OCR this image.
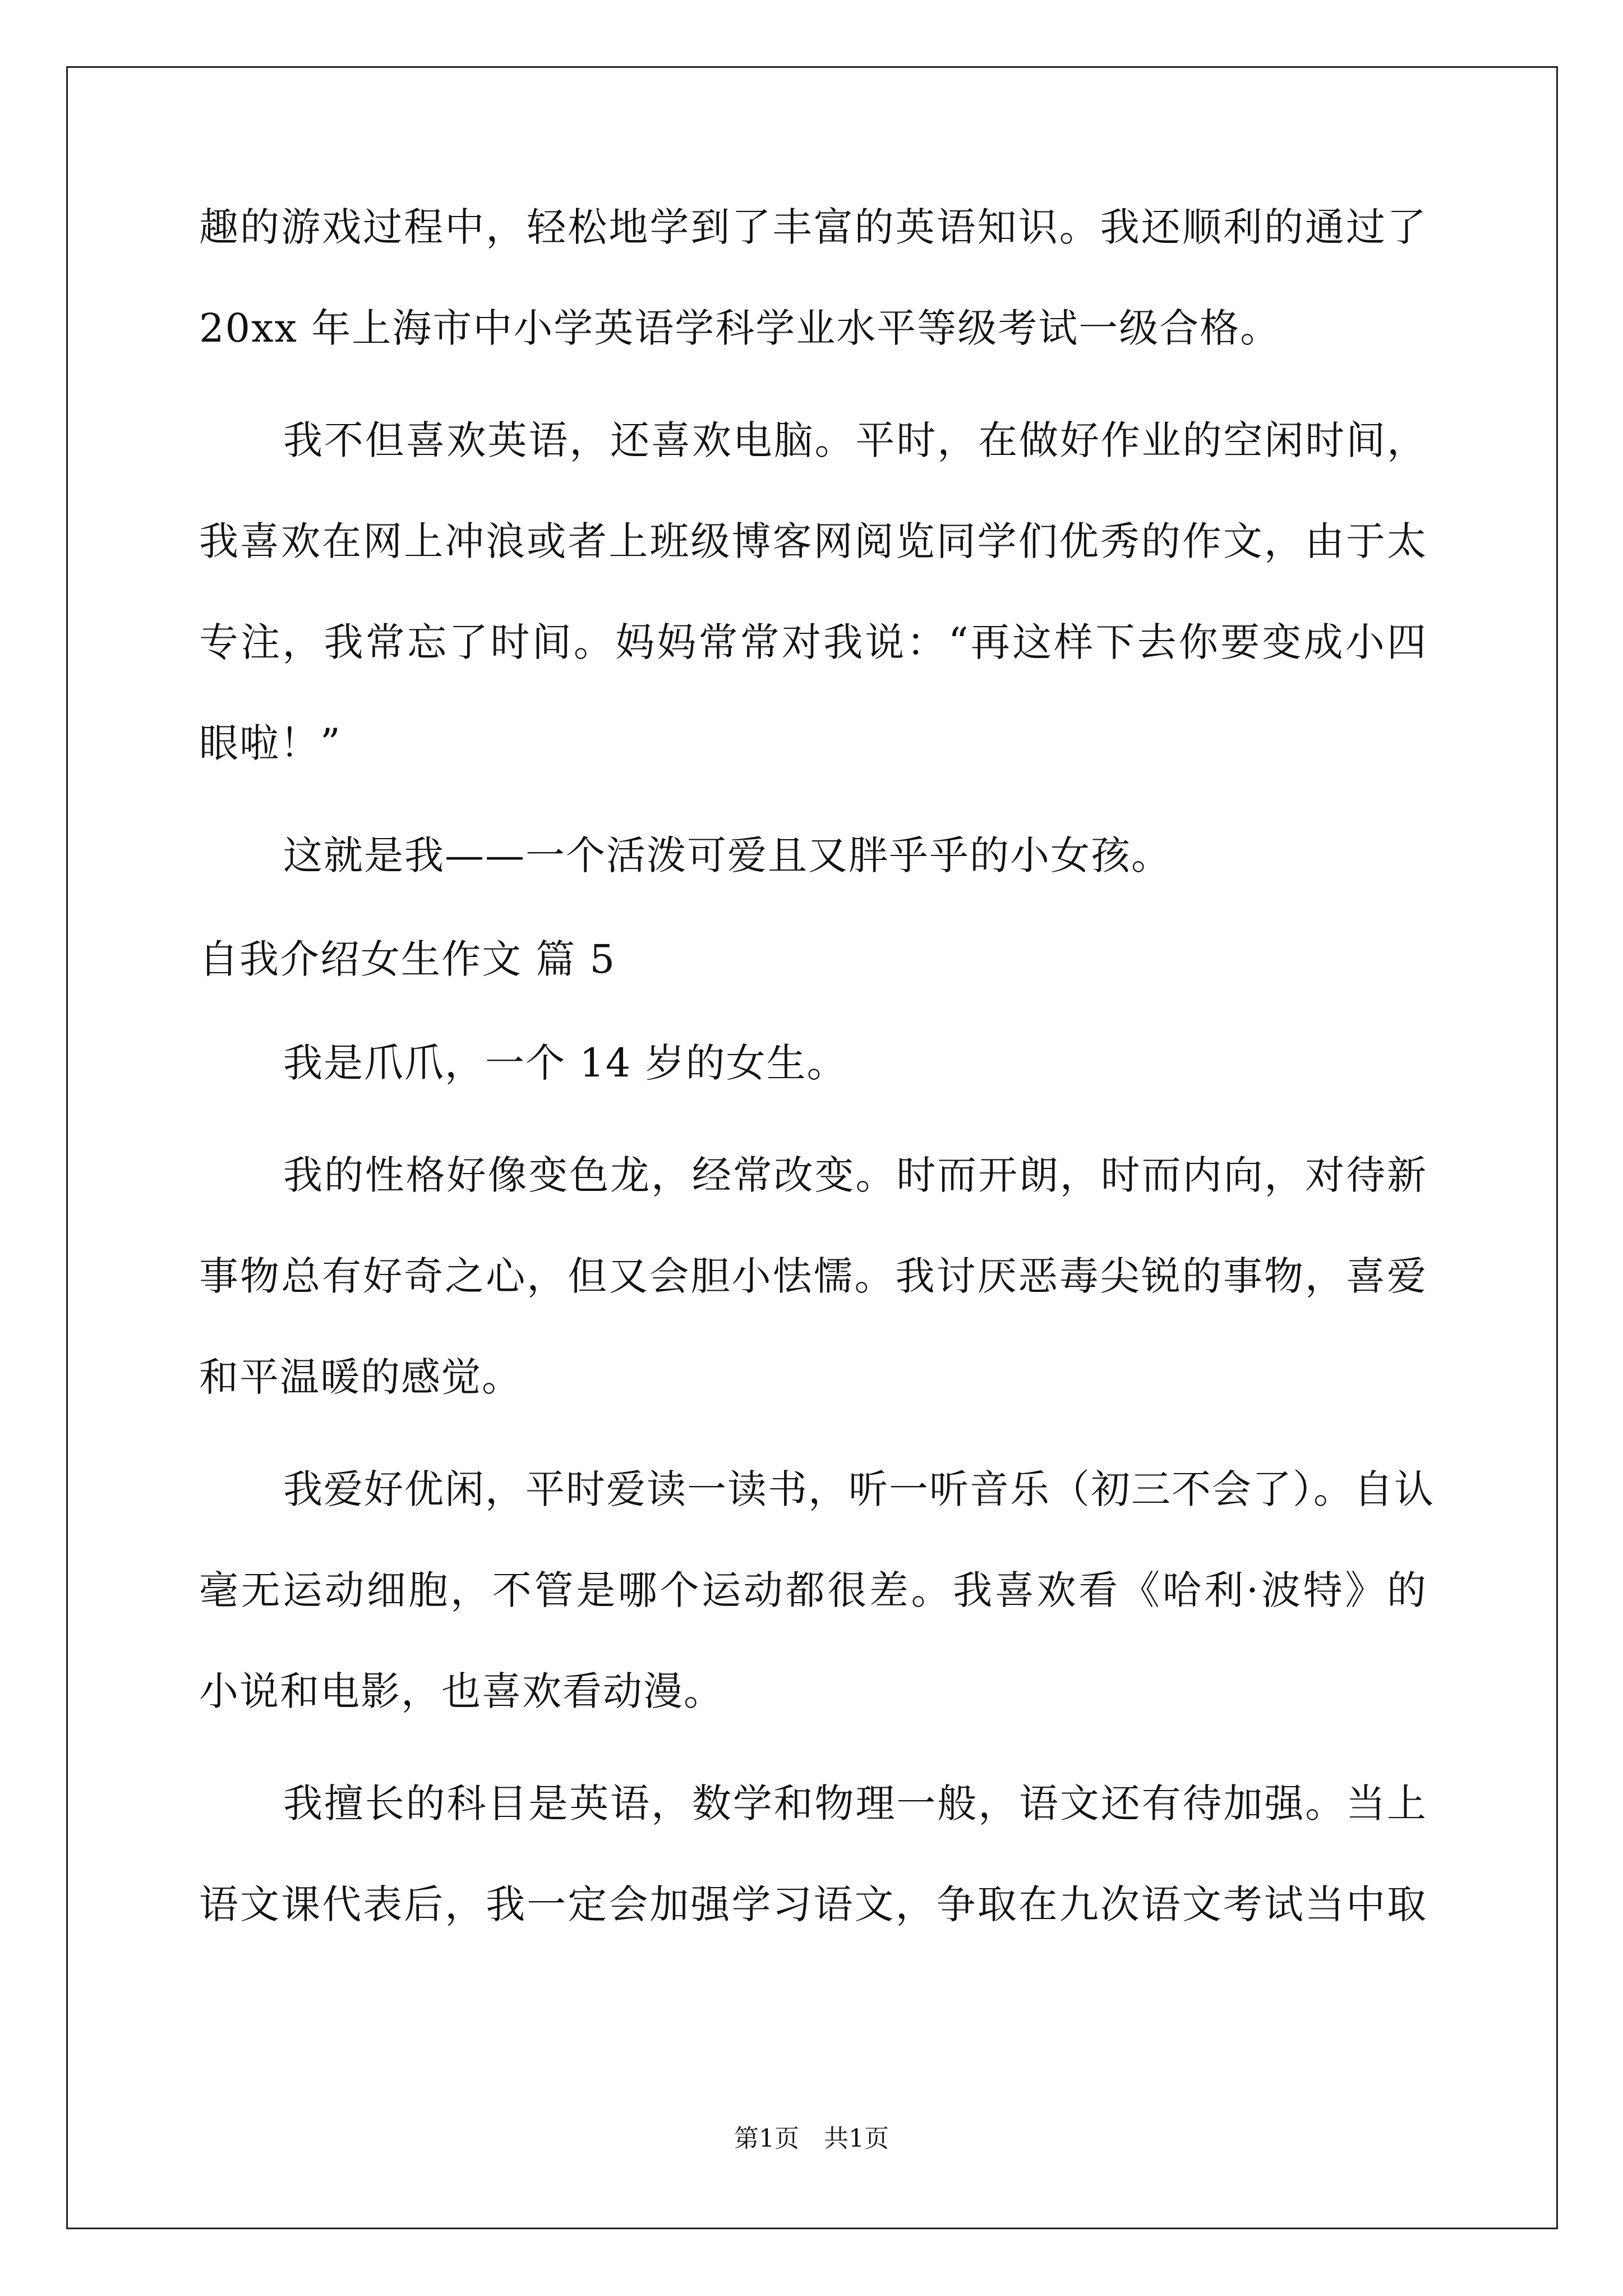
趣的游戏过程中，轻松地学到了丰富的英语知识。我还顺利的通过了
20xx 年上海市中小学英语学科学业水平等级考试一级合格。
我不但喜欢英语，还喜欢电脑。平时，在做好作业的空闲时间，
我喜欢在网上冲浪或者上班级博客网阅览同学们优秀的作文，由于太
专注，我常忘了时间。妈妈常常对我说：“再这样下去你要变成小四
眼啦！”
这就是我——一个活泼可爱且又胖乎乎的小女孩。
自我介绍女生作文 篇 5
我是爪爪，一个 14 岁的女生。
我的性格好像变色龙，经常改变。时而开朗，时而内向，对待新
事物总有好奇之心，但又会胆小怯懦。我讨厌恶毒尖锐的事物，喜爱
和平温暖的感觉。
我爱好优闲，平时爱读一读书，听一听音乐（初三不会了）。自认
毫无运动细胞，不管是哪个运动都很差。我喜欢看《哈利·波特》的
小说和电影，也喜欢看动漫。
我擅长的科目是英语，数学和物理一般，语文还有待加强。当上
语文课代表后，我一定会加强学习语文，争取在九次语文考试当中取
第1页　共1页
